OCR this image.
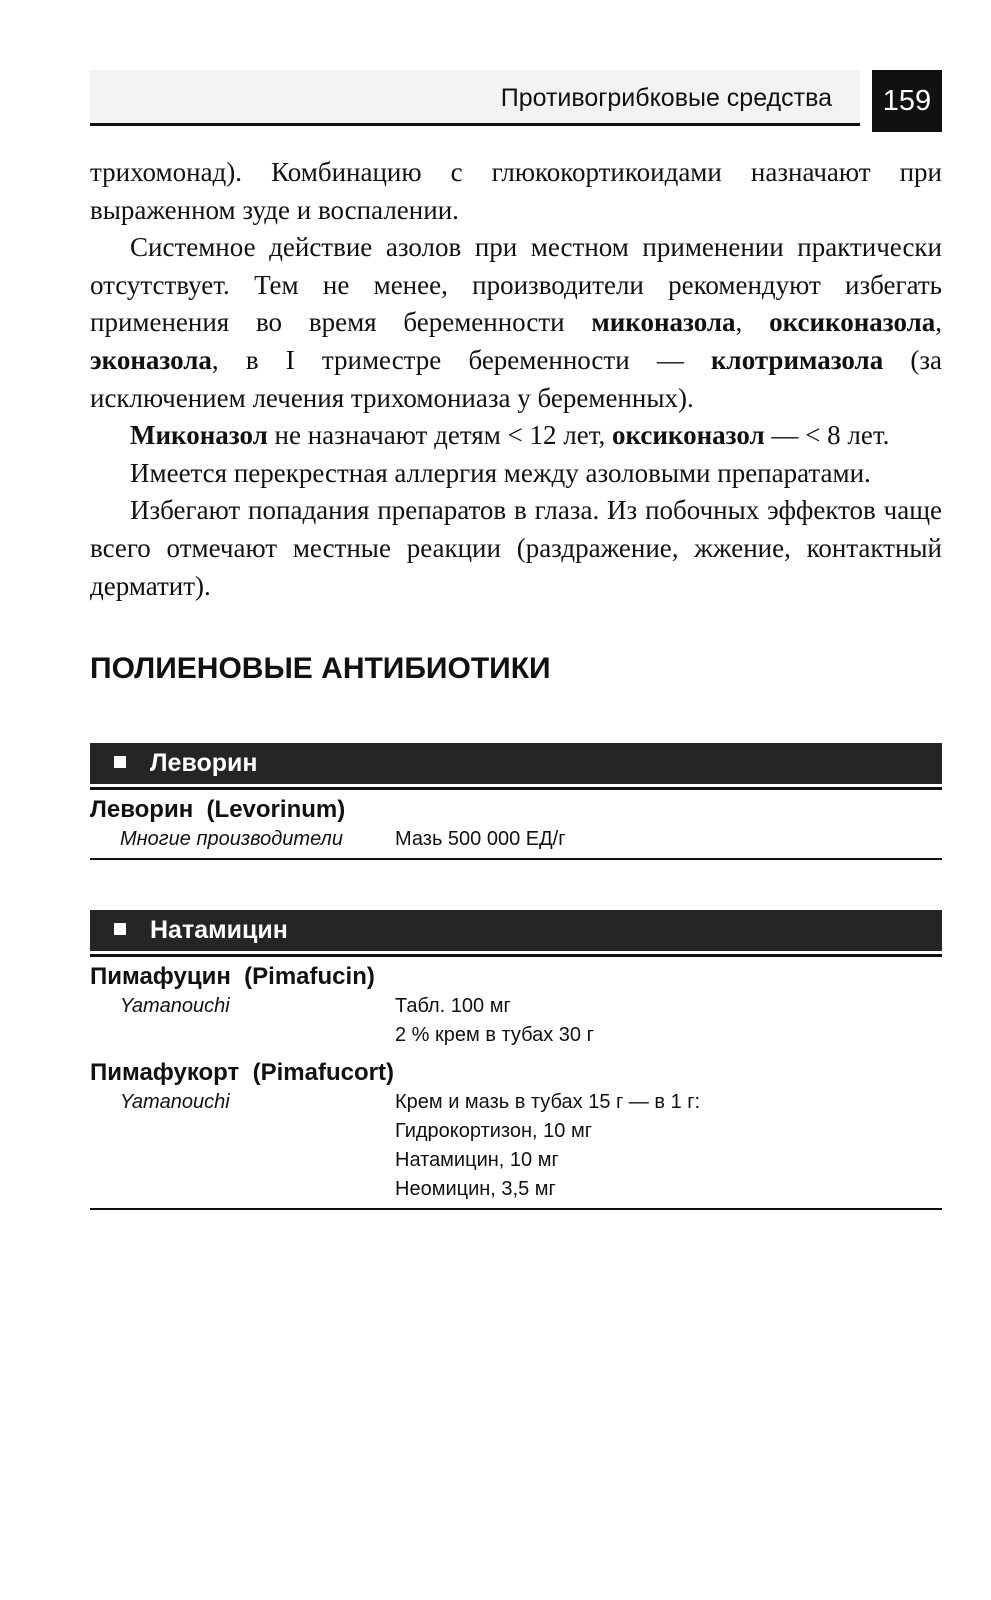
Противогрибковые средства	159

трихомонад). Комбинацию с глюкокортикоидами назначают при выраженном зуде и воспалении.

Системное действие азолов при местном применении практически отсутствует. Тем не менее, производители рекомендуют избегать применения во время беременности миконазола, оксиконазола, эконазола, в I триместре беременности — клотримазола (за исключением лечения трихомониаза у беременных).

Миконазол не назначают детям < 12 лет, оксиконазол — < 8 лет.

Имеется перекрестная аллергия между азоловыми препаратами.

Избегают попадания препаратов в глаза. Из побочных эффектов чаще всего отмечают местные реакции (раздражение, жжение, контактный дерматит).

ПОЛИЕНОВЫЕ АНТИБИОТИКИ
Леворин
Леворин (Levorinum)
Многие производители	Мазь 500 000 ЕД/г
Натамицин
Пимафуцин (Pimafucin)
Yamanouchi	Табл. 100 мг
2 % крем в тубах 30 г
Пимафукорт (Pimafucort)
Yamanouchi	Крем и мазь в тубах 15 г — в 1 г:
Гидрокортизон, 10 мг
Натамицин, 10 мг
Неомицин, 3,5 мг
